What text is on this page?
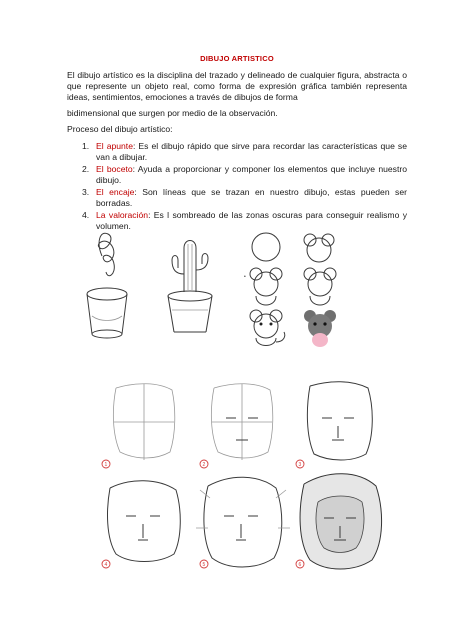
DIBUJO ARTISTICO
El dibujo artístico es la disciplina del trazado y delineado de cualquier figura, abstracta o que represente un objeto real, como forma de expresión gráfica también representa ideas, sentimientos, emociones a través de dibujos de forma
bidimensional que surgen por medio de la observación.
Proceso del dibujo artístico:
1. El apunte: Es el dibujo rápido que sirve para recordar las características que se van a dibujar.
2. El boceto: Ayuda a proporcionar y componer los elementos que incluye nuestro dibujo.
3. El encaje: Son líneas que se trazan en nuestro dibujo, estas pueden ser borradas.
4. La valoración: Es l sombreado de las zonas oscuras para conseguir realismo y volumen.
•
1	2	3
4	5	6
